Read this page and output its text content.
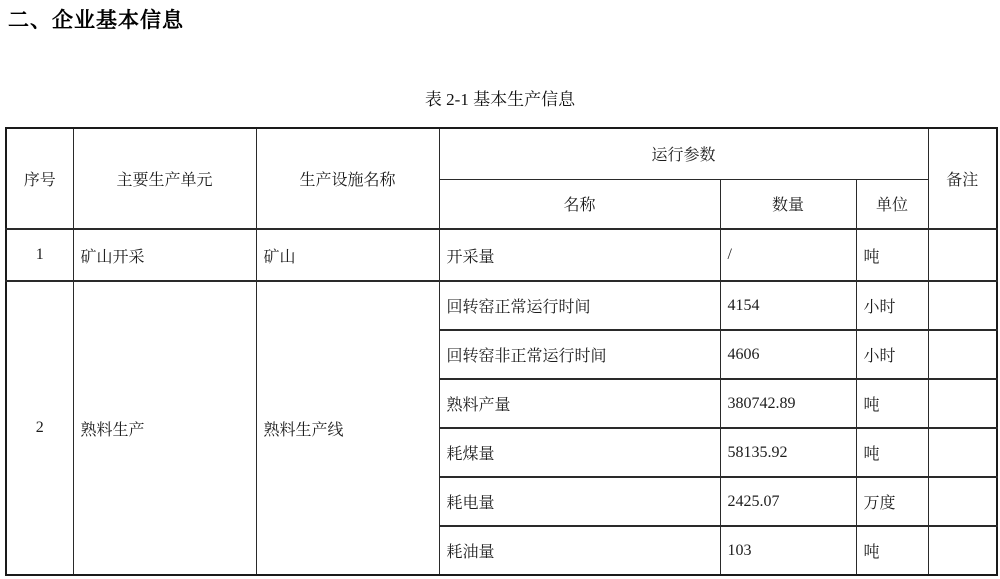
二、企业基本信息
表 2-1 基本生产信息
序号	主要生产单元	生产设施名称	运行参数			备注
			名称	数量	单位	
1	矿山开采	矿山	开采量	/	吨	
2	熟料生产	熟料生产线	回转窑正常运行时间	4154	小时	
			回转窑非正常运行时间	4606	小时	
			熟料产量	380742.89	吨	
			耗煤量	58135.92	吨	
			耗电量	2425.07	万度	
			耗油量	103	吨	
